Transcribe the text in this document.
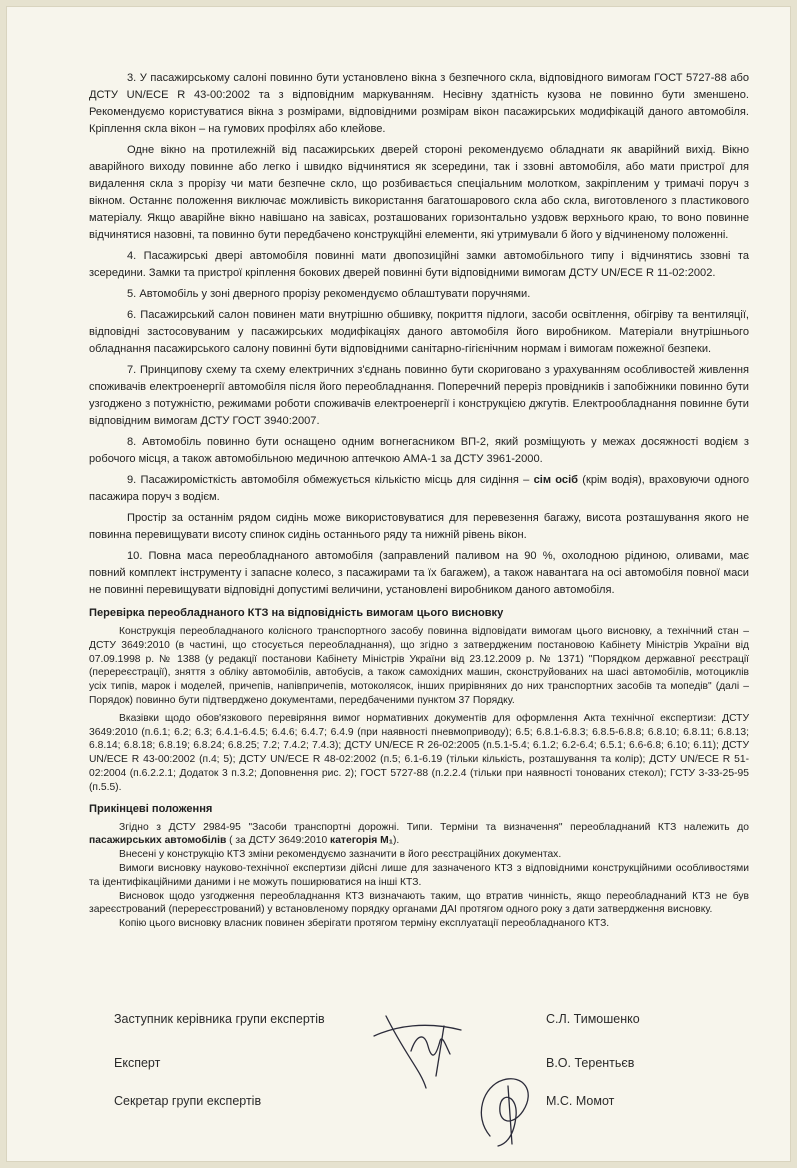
3. У пасажирському салоні повинно бути установлено вікна з безпечного скла, відповідного вимогам ГОСТ 5727-88 або ДСТУ UN/ECE R 43-00:2002 та з відповідним маркуванням. Несівну здатність кузова не повинно бути зменшено. Рекомендуємо користуватися вікна з розмірами, відповідними розмірам вікон пасажирських модифікацій даного автомобіля. Кріплення скла вікон – на гумових профілях або клейове.

Одне вікно на протилежній від пасажирських дверей стороні рекомендуємо обладнати як аварійний вихід. Вікно аварійного виходу повинне або легко і швидко відчинятися як зсередини, так і ззовні автомобіля, або мати пристрої для видалення скла з прорізу чи мати безпечне скло, що розбивається спеціальним молотком, закріпленим у тримачі поруч з вікном. Останнє положення виключає можливість використання багатошарового скла або скла, виготовленого з пластикового матеріалу. Якщо аварійне вікно навішано на завісах, розташованих горизонтально уздовж верхнього краю, то воно повинне відчинятися назовні, та повинно бути передбачено конструкційні елементи, які утримували б його у відчиненому положенні.

4. Пасажирські двері автомобіля повинні мати двопозиційні замки автомобільного типу і відчинятись ззовні та зсередини. Замки та пристрої кріплення бокових дверей повинні бути відповідними вимогам ДСТУ UN/ECE R 11-02:2002.

5. Автомобіль у зоні дверного прорізу рекомендуємо облаштувати поручнями.

6. Пасажирський салон повинен мати внутрішню обшивку, покриття підлоги, засоби освітлення, обігріву та вентиляції, відповідні застосовуваним у пасажирських модифікаціях даного автомобіля його виробником. Матеріали внутрішнього обладнання пасажирського салону повинні бути відповідними санітарно-гігієнічним нормам і вимогам пожежної безпеки.

7. Принципову схему та схему електричних з'єднань повинно бути скориговано з урахуванням особливостей живлення споживачів електроенергії автомобіля після його переобладнання. Поперечний переріз провідників і запобіжники повинно бути узгоджено з потужністю, режимами роботи споживачів електроенергії і конструкцією джгутів. Електрообладнання повинне бути відповідним вимогам ДСТУ ГОСТ 3940:2007.

8. Автомобіль повинно бути оснащено одним вогнегасником ВП-2, який розміщують у межах досяжності водієм з робочого місця, а також автомобільною медичною аптечкою АМА-1 за ДСТУ 3961-2000.

9. Пасажиромісткість автомобіля обмежується кількістю місць для сидіння – сім осіб (крім водія), враховуючи одного пасажира поруч з водієм.

Простір за останнім рядом сидінь може використовуватися для перевезення багажу, висота розташування якого не повинна перевищувати висоту спинок сидінь останнього ряду та нижній рівень вікон.

10. Повна маса переобладнаного автомобіля (заправлений паливом на 90 %, охолодною рідиною, оливами, має повний комплект інструменту і запасне колесо, з пасажирами та їх багажем), а також навантага на осі автомобіля повної маси не повинні перевищувати відповідні допустимі величини, установлені виробником даного автомобіля.

Перевірка переобладнаного КТЗ на відповідність вимогам цього висновку

Конструкція переобладнаного колісного транспортного засобу повинна відповідати вимогам цього висновку, а технічний стан – ДСТУ 3649:2010 (в частині, що стосується переобладнання), що згідно з затвердженим постановою Кабінету Міністрів України від 07.09.1998 р. № 1388 (у редакції постанови Кабінету Міністрів України від 23.12.2009 р. № 1371) "Порядком державної реєстрації (перереєстрації), зняття з обліку автомобілів, автобусів, а також самохідних машин, сконструйованих на шасі автомобілів, мотоциклів усіх типів, марок і моделей, причепів, напівпричепів, мотоколясок, інших прирівняних до них транспортних засобів та мопедів" (далі – Порядок) повинно бути підтверджено документами, передбаченими пунктом 37 Порядку.

Вказівки щодо обов'язкового перевіряння вимог нормативних документів для оформлення Акта технічної експертизи: ДСТУ 3649:2010 (п.6.1; 6.2; 6.3; 6.4.1-6.4.5; 6.4.6; 6.4.7; 6.4.9 (при наявності пневмоприводу); 6.5; 6.8.1-6.8.3; 6.8.5-6.8.8; 6.8.10; 6.8.11; 6.8.13; 6.8.14; 6.8.18; 6.8.19; 6.8.24; 6.8.25; 7.2; 7.4.2; 7.4.3); ДСТУ UN/ECE R 26-02:2005 (п.5.1-5.4; 6.1.2; 6.2-6.4; 6.5.1; 6.6-6.8; 6.10; 6.11); ДСТУ UN/ECE R 43-00:2002 (п.4; 5); ДСТУ UN/ECE R 48-02:2002 (п.5; 6.1-6.19 (тільки кількість, розташування та колір); ДСТУ UN/ECE R 51-02:2004 (п.6.2.2.1; Додаток 3 п.3.2; Доповнення рис. 2); ГОСТ 5727-88 (п.2.2.4 (тільки при наявності тонованих стекол); ГСТУ 3-33-25-95 (п.5.5).

Прикінцеві положення

Згідно з ДСТУ 2984-95 "Засоби транспортні дорожні. Типи. Терміни та визначення" переобладнаний КТЗ належить до пасажирських автомобілів ( за ДСТУ 3649:2010 категорія М₁).

Внесені у конструкцію КТЗ зміни рекомендуємо зазначити в його реєстраційних документах.

Вимоги висновку науково-технічної експертизи дійсні лише для зазначеного КТЗ з відповідними конструкційними особливостями та ідентифікаційними даними і не можуть поширюватися на інші КТЗ.

Висновок щодо узгодження переобладнання КТЗ визначають таким, що втратив чинність, якщо переобладнаний КТЗ не був зареєстрований (перереєстрований) у встановленому порядку органами ДАІ протягом одного року з дати затвердження висновку.

Копію цього висновку власник повинен зберігати протягом терміну експлуатації переобладнаного КТЗ.

Заступник керівника групи експертів	С.Л. Тимошенко
Експерт	В.О. Терентьєв
Секретар групи експертів	М.С. Момот
